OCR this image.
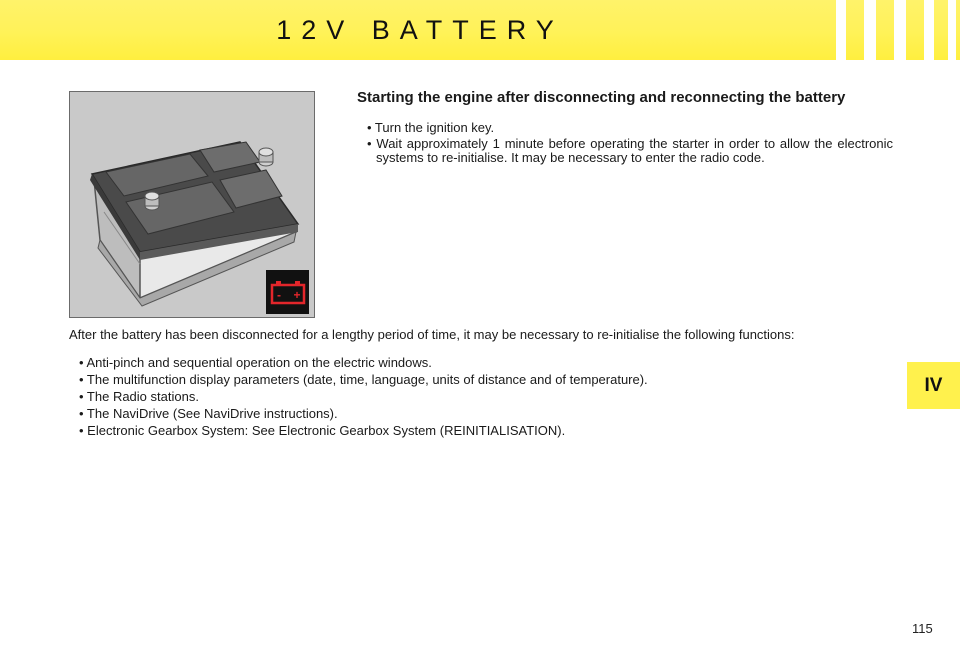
12V BATTERY
- +
Starting the engine after disconnecting and reconnecting the battery
• Turn the ignition key.
• Wait approximately 1 minute before operating the starter in order to allow the electronic systems to re-initialise. It may be necessary to enter the radio code.
After the battery has been disconnected for a lengthy period of time, it may be necessary to re-initialise the following functions:
• Anti-pinch and sequential operation on the electric windows.
• The multifunction display parameters (date, time, language, units of distance and of temperature).
• The Radio stations.
• The NaviDrive (See NaviDrive instructions).
• Electronic Gearbox System: See Electronic Gearbox System (REINITIALISATION).
IV
115
